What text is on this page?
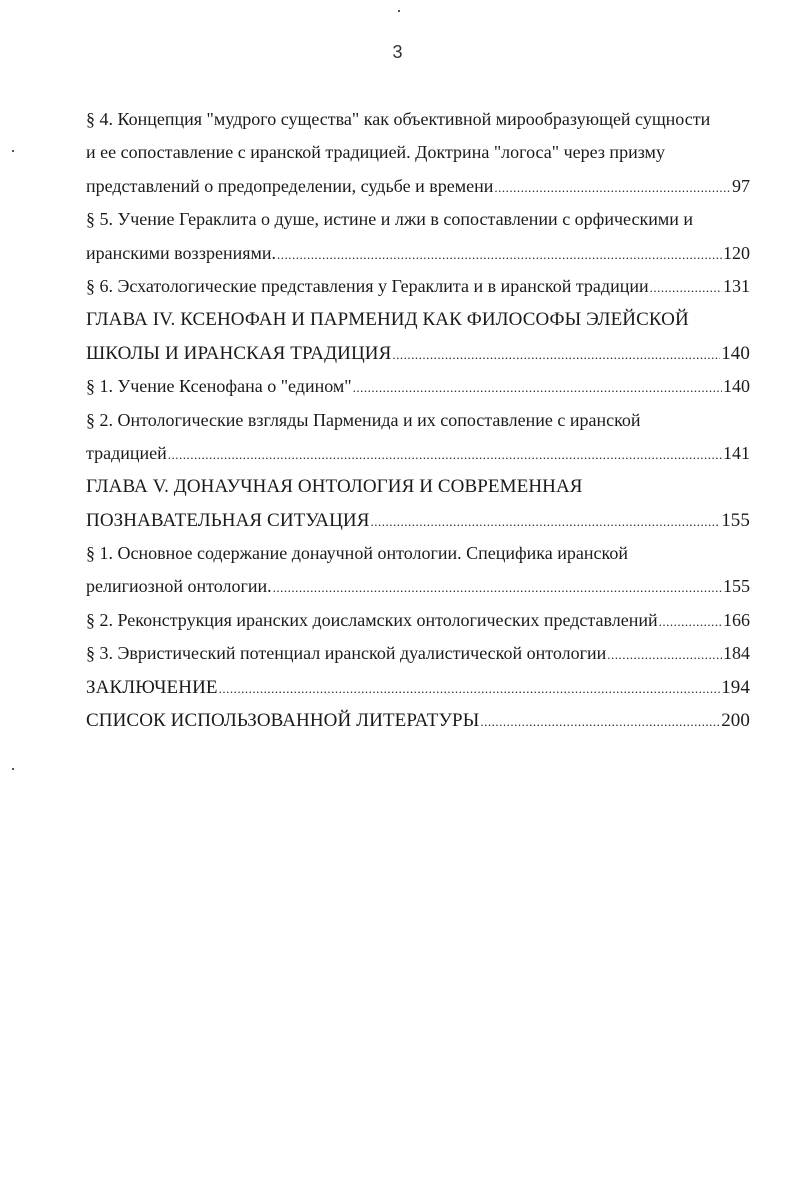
3
§ 4. Концепция "мудрого существа" как объективной мирообразующей сущности
и ее сопоставление с иранской традицией. Доктрина "логоса" через призму
представлений о предопределении, судьбе и времени .....	97
§ 5. Учение Гераклита о душе, истине и лжи в сопоставлении с орфическими и
иранскими воззрениями. .....	120
§ 6. Эсхатологические представления у Гераклита и в иранской традиции .....	131
ГЛАВА IV. КСЕНОФАН И ПАРМЕНИД КАК ФИЛОСОФЫ ЭЛЕЙСКОЙ
ШКОЛЫ И ИРАНСКАЯ ТРАДИЦИЯ .....	140
§ 1. Учение Ксенофана о "едином" .....	140
§ 2. Онтологические взгляды Парменида и их сопоставление с иранской
традицией .....	141
ГЛАВА V. ДОНАУЧНАЯ ОНТОЛОГИЯ И СОВРЕМЕННАЯ
ПОЗНАВАТЕЛЬНАЯ СИТУАЦИЯ .....	155
§ 1. Основное содержание донаучной онтологии. Специфика иранской
религиозной онтологии. .....	155
§ 2. Реконструкция иранских доисламских онтологических представлений .....	166
§ 3. Эвристический потенциал иранской дуалистической онтологии .....	184
ЗАКЛЮЧЕНИЕ .....	194
СПИСОК ИСПОЛЬЗОВАННОЙ ЛИТЕРАТУРЫ .....	200
